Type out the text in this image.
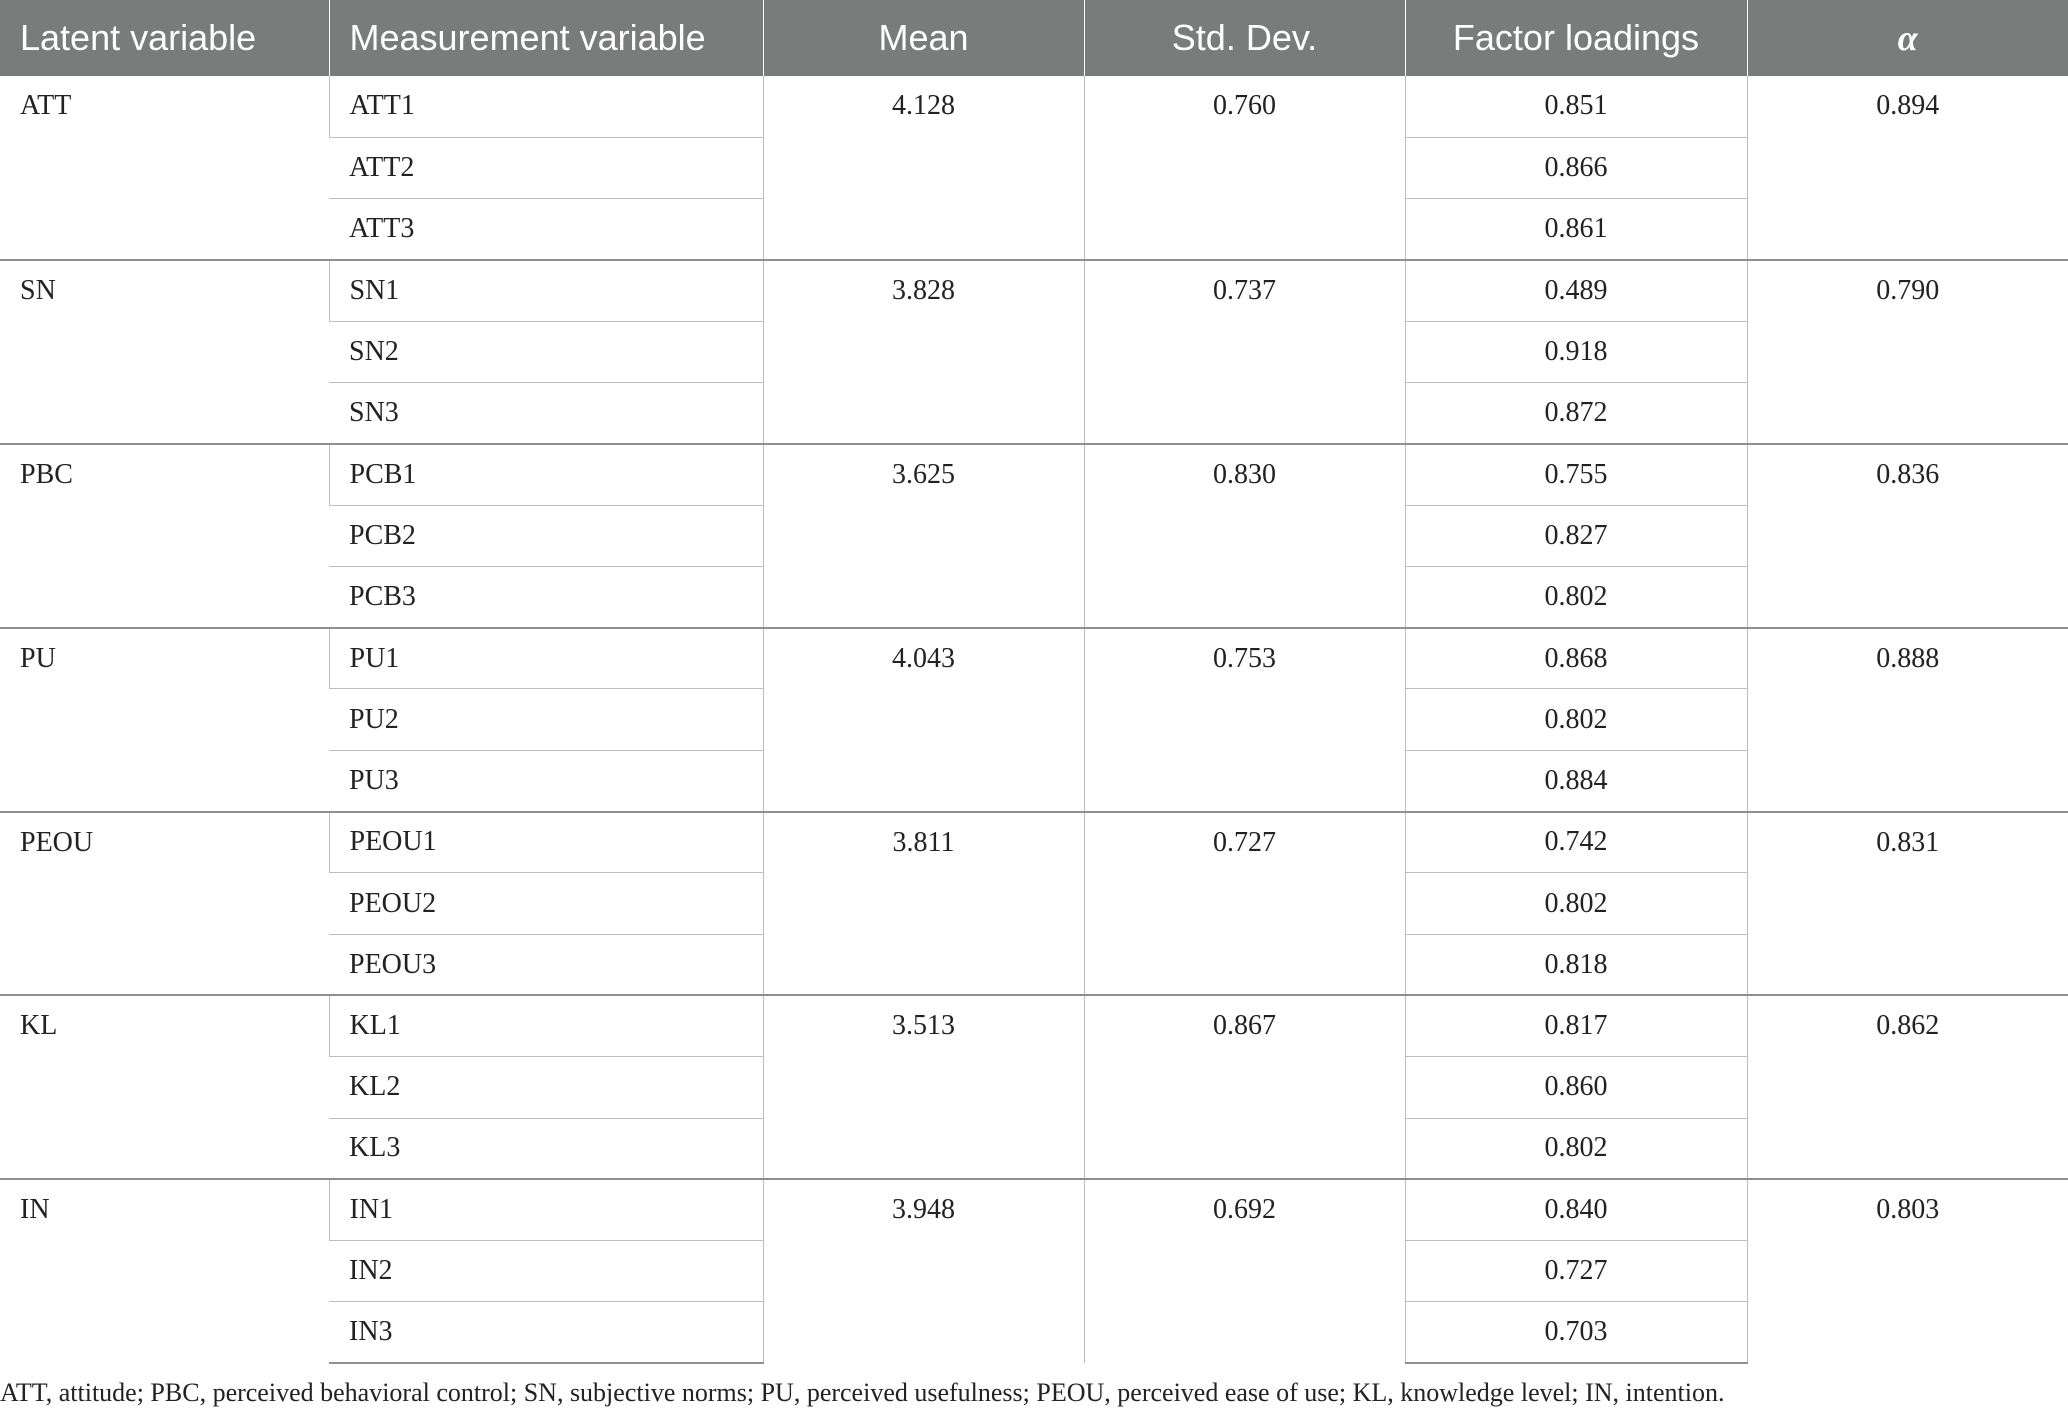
Latent variable	Measurement variable	Mean	Std. Dev.	Factor loadings	α
ATT	ATT1	4.128	0.760	0.851	0.894
	ATT2			0.866	
	ATT3			0.861	
SN	SN1	3.828	0.737	0.489	0.790
	SN2			0.918	
	SN3			0.872	
PBC	PCB1	3.625	0.830	0.755	0.836
	PCB2			0.827	
	PCB3			0.802	
PU	PU1	4.043	0.753	0.868	0.888
	PU2			0.802	
	PU3			0.884	
PEOU	PEOU1	3.811	0.727	0.742	0.831
	PEOU2			0.802	
	PEOU3			0.818	
KL	KL1	3.513	0.867	0.817	0.862
	KL2			0.860	
	KL3			0.802	
IN	IN1	3.948	0.692	0.840	0.803
	IN2			0.727	
	IN3			0.703	
ATT, attitude; PBC, perceived behavioral control; SN, subjective norms; PU, perceived usefulness; PEOU, perceived ease of use; KL, knowledge level; IN, intention.
